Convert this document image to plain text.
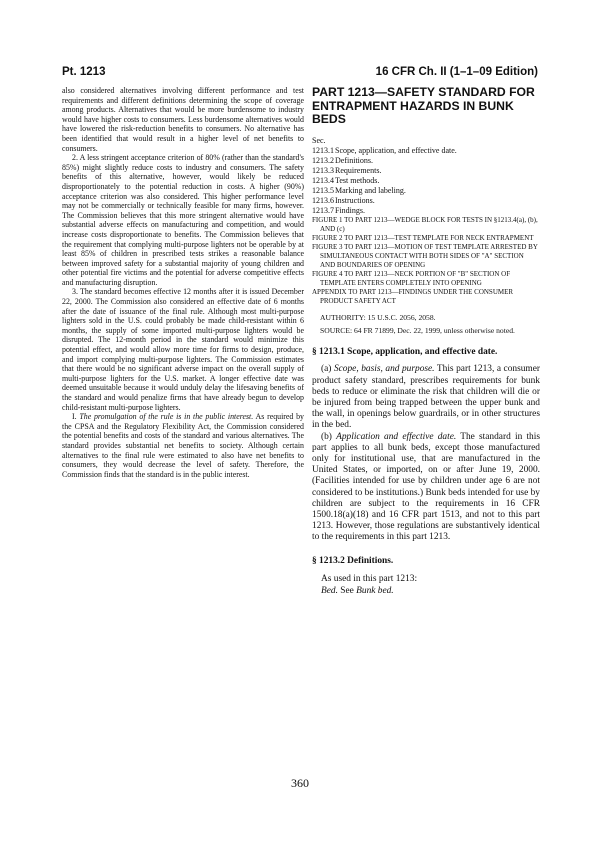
Pt. 1213	16 CFR Ch. II (1–1–09 Edition)

also considered alternatives involving different performance and test requirements and different definitions determining the scope of coverage among products. Alternatives that would be more burdensome to industry would have higher costs to consumers. Less burdensome alternatives would have lowered the risk-reduction benefits to consumers. No alternative has been identified that would result in a higher level of net benefits to consumers.

2. A less stringent acceptance criterion of 80% (rather than the standard's 85%) might slightly reduce costs to industry and consumers. The safety benefits of this alternative, however, would likely be reduced disproportionately to the potential reduction in costs. A higher (90%) acceptance criterion was also considered. This higher performance level may not be commercially or technically feasible for many firms, however. The Commission believes that this more stringent alternative would have substantial adverse effects on manufacturing and competition, and would increase costs disproportionate to benefits. The Commission believes that the requirement that complying multi-purpose lighters not be operable by at least 85% of children in prescribed tests strikes a reasonable balance between improved safety for a substantial majority of young children and other potential fire victims and the potential for adverse competitive effects and manufacturing disruption.

3. The standard becomes effective 12 months after it is issued December 22, 2000. The Commission also considered an effective date of 6 months after the date of issuance of the final rule. Although most multi-purpose lighters sold in the U.S. could probably be made child-resistant within 6 months, the supply of some imported multi-purpose lighters would be disrupted. The 12-month period in the standard would minimize this potential effect, and would allow more time for firms to design, produce, and import complying multi-purpose lighters. The Commission estimates that there would be no significant adverse impact on the overall supply of multi-purpose lighters for the U.S. market. A longer effective date was deemed unsuitable because it would unduly delay the lifesaving benefits of the standard and would penalize firms that have already begun to develop child-resistant multi-purpose lighters.

I. The promulgation of the rule is in the public interest. As required by the CPSA and the Regulatory Flexibility Act, the Commission considered the potential benefits and costs of the standard and various alternatives. The standard provides substantial net benefits to society. Although certain alternatives to the final rule were estimated to also have net benefits to consumers, they would decrease the level of safety. Therefore, the Commission finds that the standard is in the public interest.

PART 1213—SAFETY STANDARD FOR ENTRAPMENT HAZARDS IN BUNK BEDS
Sec.
1213.1 Scope, application, and effective date.
1213.2 Definitions.
1213.3 Requirements.
1213.4 Test methods.
1213.5 Marking and labeling.
1213.6 Instructions.
1213.7 Findings.
FIGURE 1 TO PART 1213—WEDGE BLOCK FOR TESTS IN §1213.4(a), (b), AND (c)
FIGURE 2 TO PART 1213—TEST TEMPLATE FOR NECK ENTRAPMENT
FIGURE 3 TO PART 1213—MOTION OF TEST TEMPLATE ARRESTED BY SIMULTANEOUS CONTACT WITH BOTH SIDES OF "A" SECTION AND BOUNDARIES OF OPENING
FIGURE 4 TO PART 1213—NECK PORTION OF "B" SECTION OF TEMPLATE ENTERS COMPLETELY INTO OPENING
APPENDIX TO PART 1213—FINDINGS UNDER THE CONSUMER PRODUCT SAFETY ACT

AUTHORITY: 15 U.S.C. 2056, 2058.

SOURCE: 64 FR 71899, Dec. 22, 1999, unless otherwise noted.

§ 1213.1 Scope, application, and effective date.

(a) Scope, basis, and purpose. This part 1213, a consumer product safety standard, prescribes requirements for bunk beds to reduce or eliminate the risk that children will die or be injured from being trapped between the upper bunk and the wall, in openings below guardrails, or in other structures in the bed.

(b) Application and effective date. The standard in this part applies to all bunk beds, except those manufactured only for institutional use, that are manufactured in the United States, or imported, on or after June 19, 2000. (Facilities intended for use by children under age 6 are not considered to be institutions.) Bunk beds intended for use by children are subject to the requirements in 16 CFR 1500.18(a)(18) and 16 CFR part 1513, and not to this part 1213. However, those regulations are substantively identical to the requirements in this part 1213.

§ 1213.2 Definitions.

As used in this part 1213:

Bed. See Bunk bed.

360
